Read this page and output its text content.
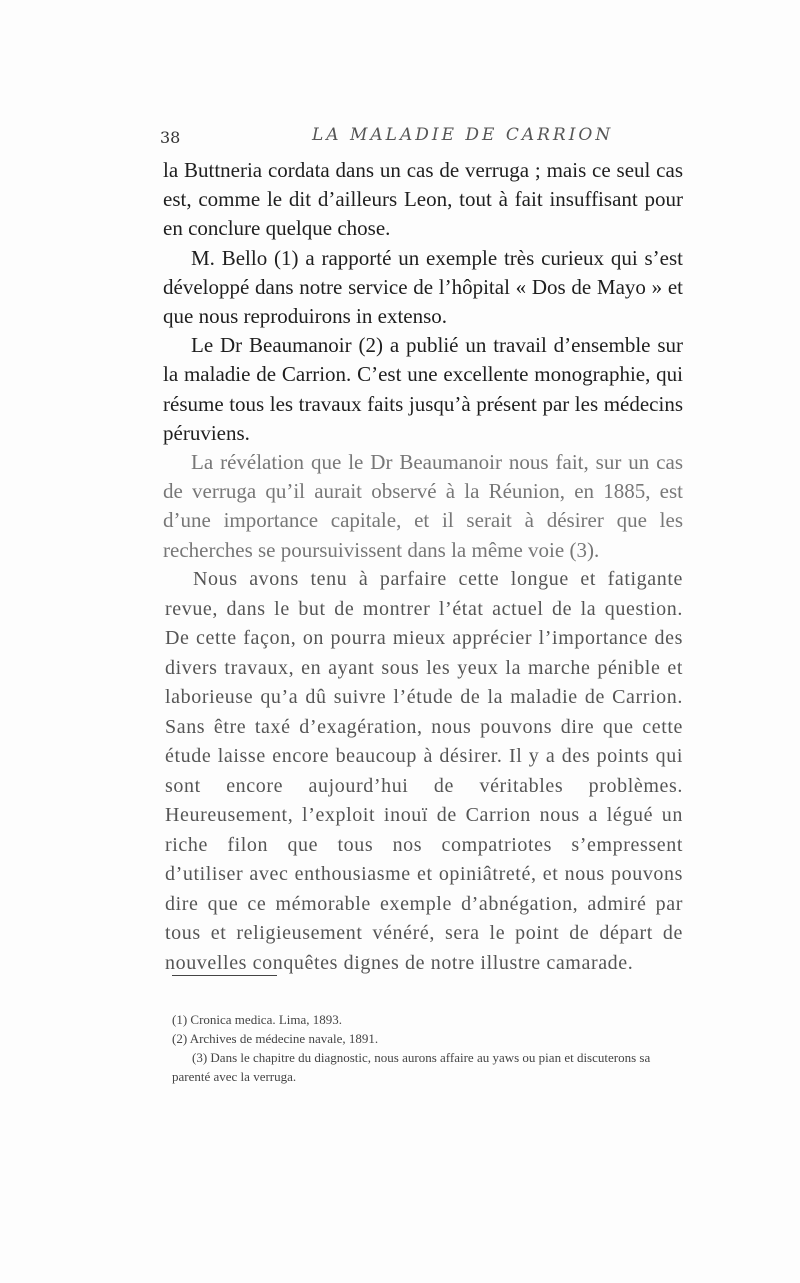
38	LA MALADIE DE CARRION

la Buttneria cordata dans un cas de verruga ; mais ce seul cas est, comme le dit d’ailleurs Leon, tout à fait insuffisant pour en conclure quelque chose.

M. Bello (1) a rapporté un exemple très curieux qui s’est développé dans notre service de l’hôpital « Dos de Mayo » et que nous reproduirons in extenso.

Le Dr Beaumanoir (2) a publié un travail d’ensemble sur la maladie de Carrion. C’est une excellente monographie, qui résume tous les travaux faits jusqu’à présent par les médecins péruviens.

La révélation que le Dr Beaumanoir nous fait, sur un cas de verruga qu’il aurait observé à la Réunion, en 1885, est d’une importance capitale, et il serait à désirer que les recherches se poursuivissent dans la même voie (3).

Nous avons tenu à parfaire cette longue et fatigante revue, dans le but de montrer l’état actuel de la question. De cette façon, on pourra mieux apprécier l’importance des divers travaux, en ayant sous les yeux la marche pénible et laborieuse qu’a dû suivre l’étude de la maladie de Carrion. Sans être taxé d’exagération, nous pouvons dire que cette étude laisse encore beaucoup à désirer. Il y a des points qui sont encore aujourd’hui de véritables problèmes. Heureusement, l’exploit inouï de Carrion nous a légué un riche filon que tous nos compatriotes s’empressent d’utiliser avec enthousiasme et opiniâtreté, et nous pouvons dire que ce mémorable exemple d’abnégation, admiré par tous et religieusement vénéré, sera le point de départ de nouvelles conquêtes dignes de notre illustre camarade.

(1) Cronica medica. Lima, 1893.

(2) Archives de médecine navale, 1891.

(3) Dans le chapitre du diagnostic, nous aurons affaire au yaws ou pian et discuterons sa parenté avec la verruga.
